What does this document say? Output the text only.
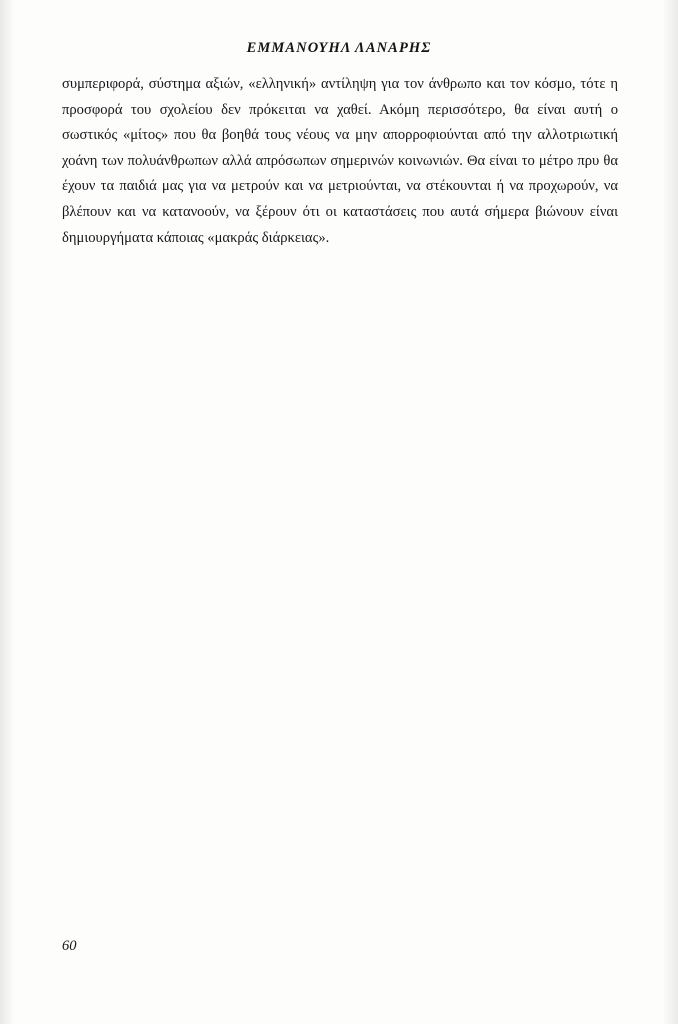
ΕΜΜΑΝΟΥΗΛ ΛΑΝΑΡΗΣ

συμπεριφορά, σύστημα αξιών, «ελληνική» αντίληψη για τον άνθρωπο και τον κόσμο, τότε η προσφορά του σχολείου δεν πρόκειται να χαθεί. Ακόμη περισσότερο, θα είναι αυτή ο σωστικός «μίτος» που θα βοηθά τους νέους να μην απορροφιούνται από την αλλοτριωτική χοάνη των πολυάνθρωπων αλλά απρόσωπων σημερινών κοινωνιών. Θα είναι το μέτρο πρυ θα έχουν τα παιδιά μας για να μετρούν και να μετριούνται, να στέκουνται ή να προχωρούν, να βλέπουν και να κατανοούν, να ξέρουν ότι οι καταστάσεις που αυτά σήμερα βιώνουν είναι δημιουργήματα κάποιας «μακράς διάρκειας».

60
